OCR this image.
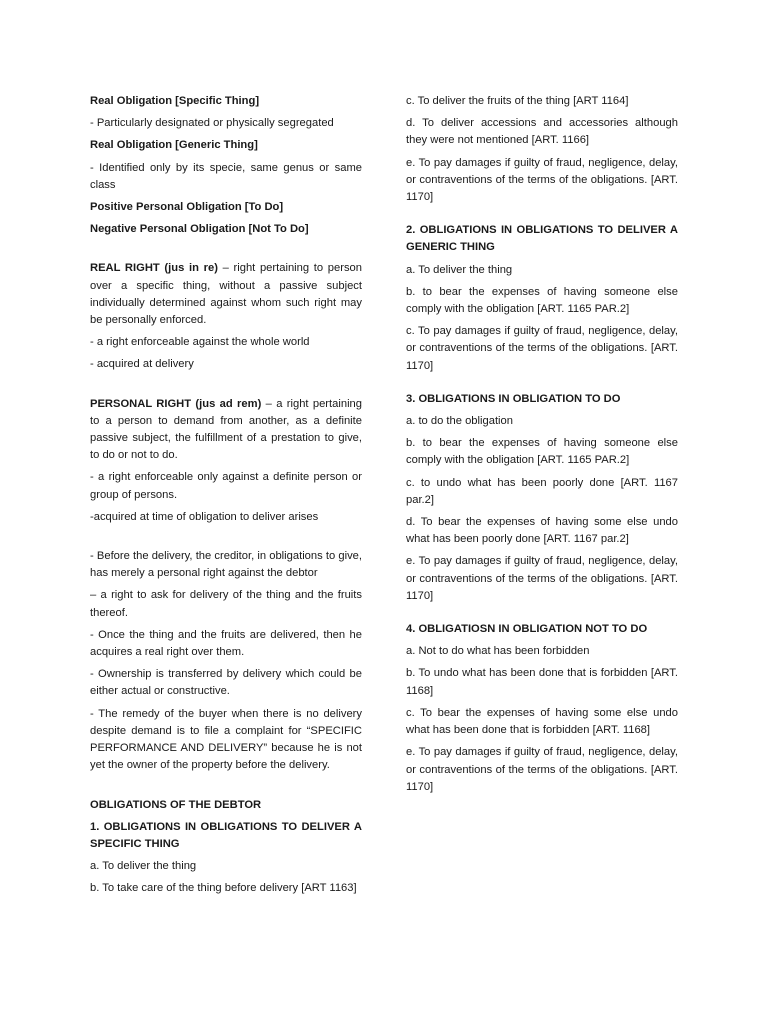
Real Obligation [Specific Thing]

- Particularly designated or physically segregated

Real Obligation [Generic Thing]

- Identified only by its specie, same genus or same class

Positive Personal Obligation [To Do]

Negative Personal Obligation [Not To Do]

REAL RIGHT (jus in re) – right pertaining to person over a specific thing, without a passive subject individually determined against whom such right may be personally enforced.

- a right enforceable against the whole world

- acquired at delivery

PERSONAL RIGHT (jus ad rem) – a right pertaining to a person to demand from another, as a definite passive subject, the fulfillment of a prestation to give, to do or not to do.

- a right enforceable only against a definite person or group of persons.

-acquired at time of obligation to deliver arises

- Before the delivery, the creditor, in obligations to give, has merely a personal right against the debtor

– a right to ask for delivery of the thing and the fruits thereof.

- Once the thing and the fruits are delivered, then he acquires a real right over them.

- Ownership is transferred by delivery which could be either actual or constructive.

- The remedy of the buyer when there is no delivery despite demand is to file a complaint for “SPECIFIC PERFORMANCE AND DELIVERY” because he is not yet the owner of the property before the delivery.

OBLIGATIONS OF THE DEBTOR

1. OBLIGATIONS IN OBLIGATIONS TO DELIVER A SPECIFIC THING

a. To deliver the thing

b. To take care of the thing before delivery [ART 1163]

c. To deliver the fruits of the thing [ART 1164]

d. To deliver accessions and accessories although they were not mentioned [ART. 1166]

e. To pay damages if guilty of fraud, negligence, delay, or contraventions of the terms of the obligations. [ART. 1170]

2. OBLIGATIONS IN OBLIGATIONS TO DELIVER A GENERIC THING

a. To deliver the thing

b. to bear the expenses of having someone else comply with the obligation [ART. 1165 PAR.2]

c. To pay damages if guilty of fraud, negligence, delay, or contraventions of the terms of the obligations. [ART. 1170]

3. OBLIGATIONS IN OBLIGATION TO DO

a. to do the obligation

b. to bear the expenses of having someone else comply with the obligation [ART. 1165 PAR.2]

c. to undo what has been poorly done [ART. 1167 par.2]

d. To bear the expenses of having some else undo what has been poorly done [ART. 1167 par.2]

e. To pay damages if guilty of fraud, negligence, delay, or contraventions of the terms of the obligations. [ART. 1170]

4. OBLIGATIOSN IN OBLIGATION NOT TO DO

a. Not to do what has been forbidden

b. To undo what has been done that is forbidden [ART. 1168]

c. To bear the expenses of having some else undo what has been done that is forbidden [ART. 1168]

e. To pay damages if guilty of fraud, negligence, delay, or contraventions of the terms of the obligations. [ART. 1170]
